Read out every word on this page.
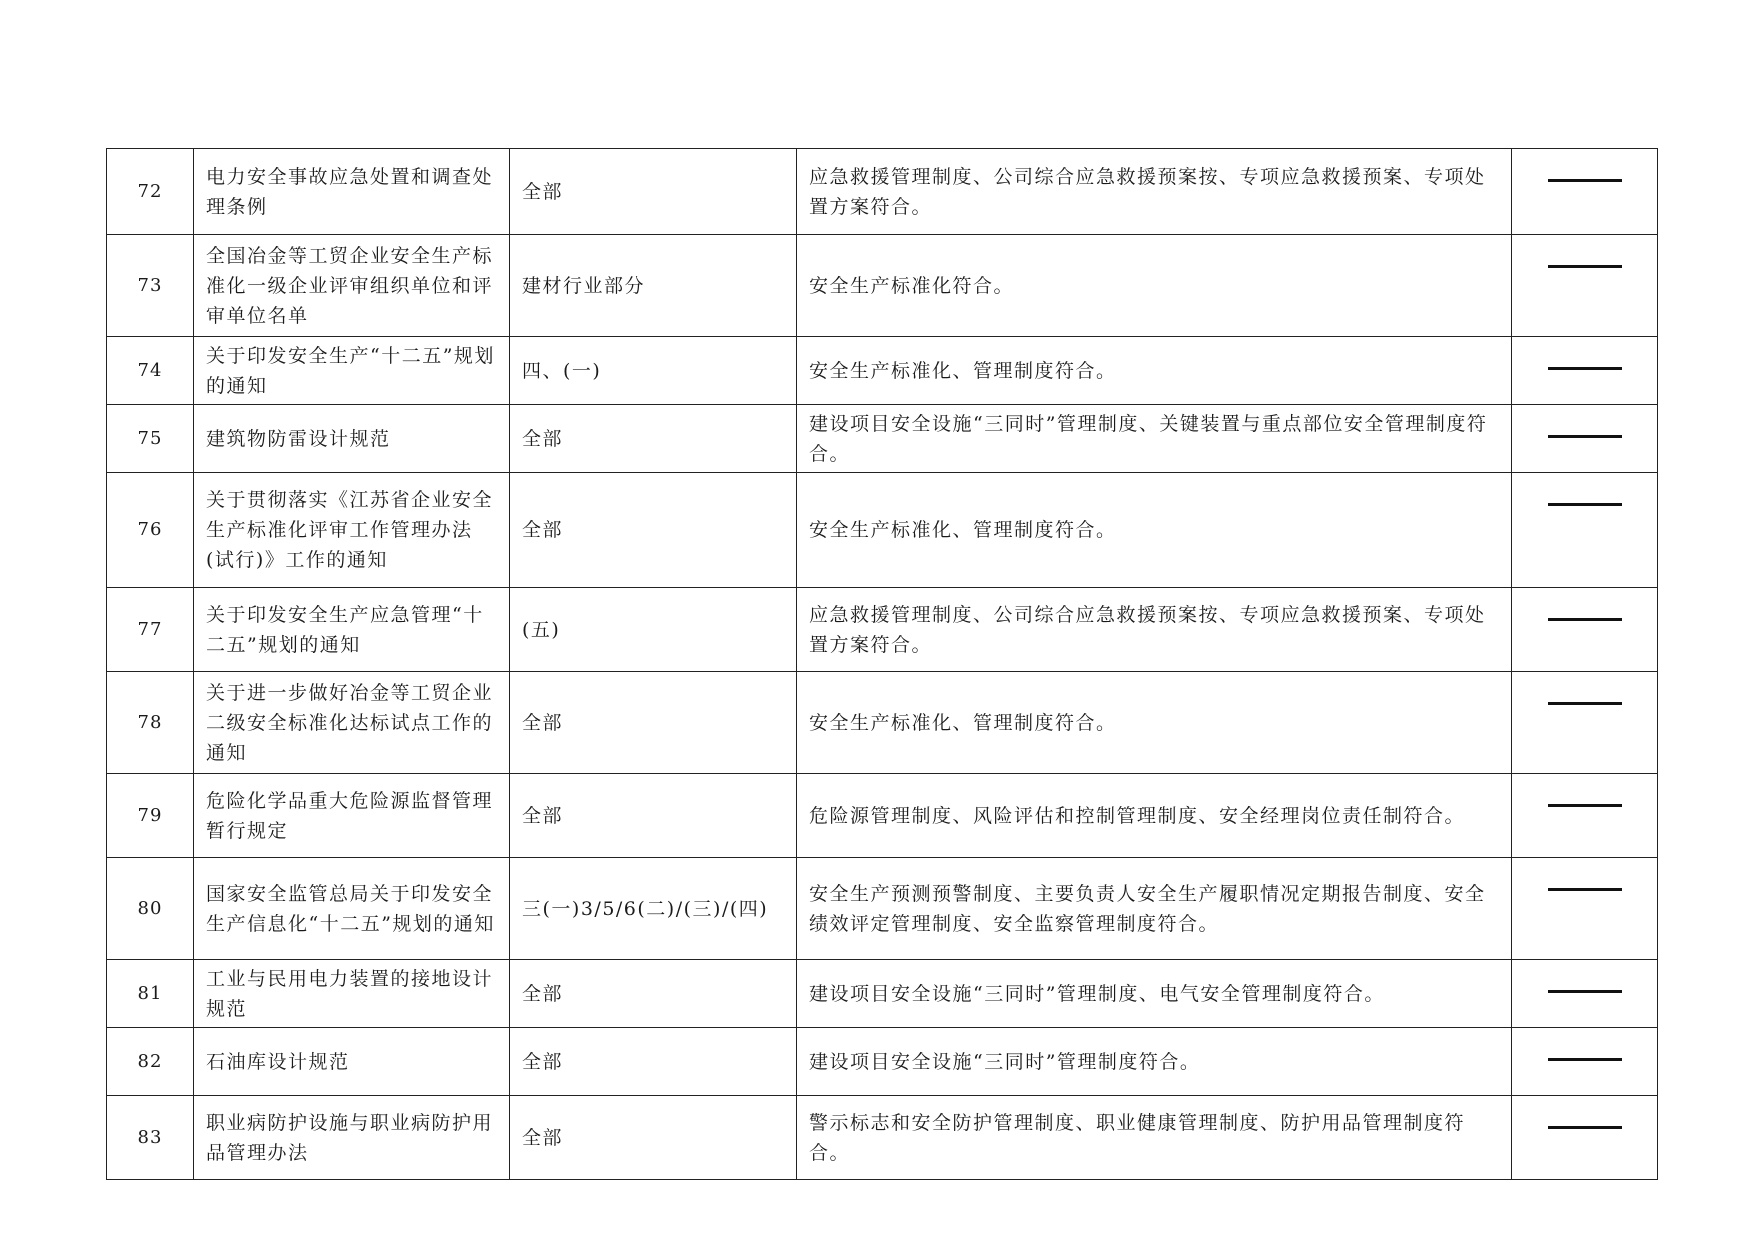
72	电力安全事故应急处置和调查处理条例	全部	应急救援管理制度、公司综合应急救援预案按、专项应急救援预案、专项处置方案符合。	
73	全国冶金等工贸企业安全生产标准化一级企业评审组织单位和评审单位名单	建材行业部分	安全生产标准化符合。	
74	关于印发安全生产“十二五”规划的通知	四、(一)	安全生产标准化、管理制度符合。	
75	建筑物防雷设计规范	全部	建设项目安全设施“三同时”管理制度、关键装置与重点部位安全管理制度符合。	
76	关于贯彻落实《江苏省企业安全生产标准化评审工作管理办法(试行)》工作的通知	全部	安全生产标准化、管理制度符合。	
77	关于印发安全生产应急管理“十二五”规划的通知	(五)	应急救援管理制度、公司综合应急救援预案按、专项应急救援预案、专项处置方案符合。	
78	关于进一步做好冶金等工贸企业二级安全标准化达标试点工作的通知	全部	安全生产标准化、管理制度符合。	
79	危险化学品重大危险源监督管理暂行规定	全部	危险源管理制度、风险评估和控制管理制度、安全经理岗位责任制符合。	
80	国家安全监管总局关于印发安全生产信息化“十二五”规划的通知	三(一)3/5/6(二)/(三)/(四)	安全生产预测预警制度、主要负责人安全生产履职情况定期报告制度、安全绩效评定管理制度、安全监察管理制度符合。	
81	工业与民用电力装置的接地设计规范	全部	建设项目安全设施“三同时”管理制度、电气安全管理制度符合。	
82	石油库设计规范	全部	建设项目安全设施“三同时”管理制度符合。	
83	职业病防护设施与职业病防护用品管理办法	全部	警示标志和安全防护管理制度、职业健康管理制度、防护用品管理制度符合。	
